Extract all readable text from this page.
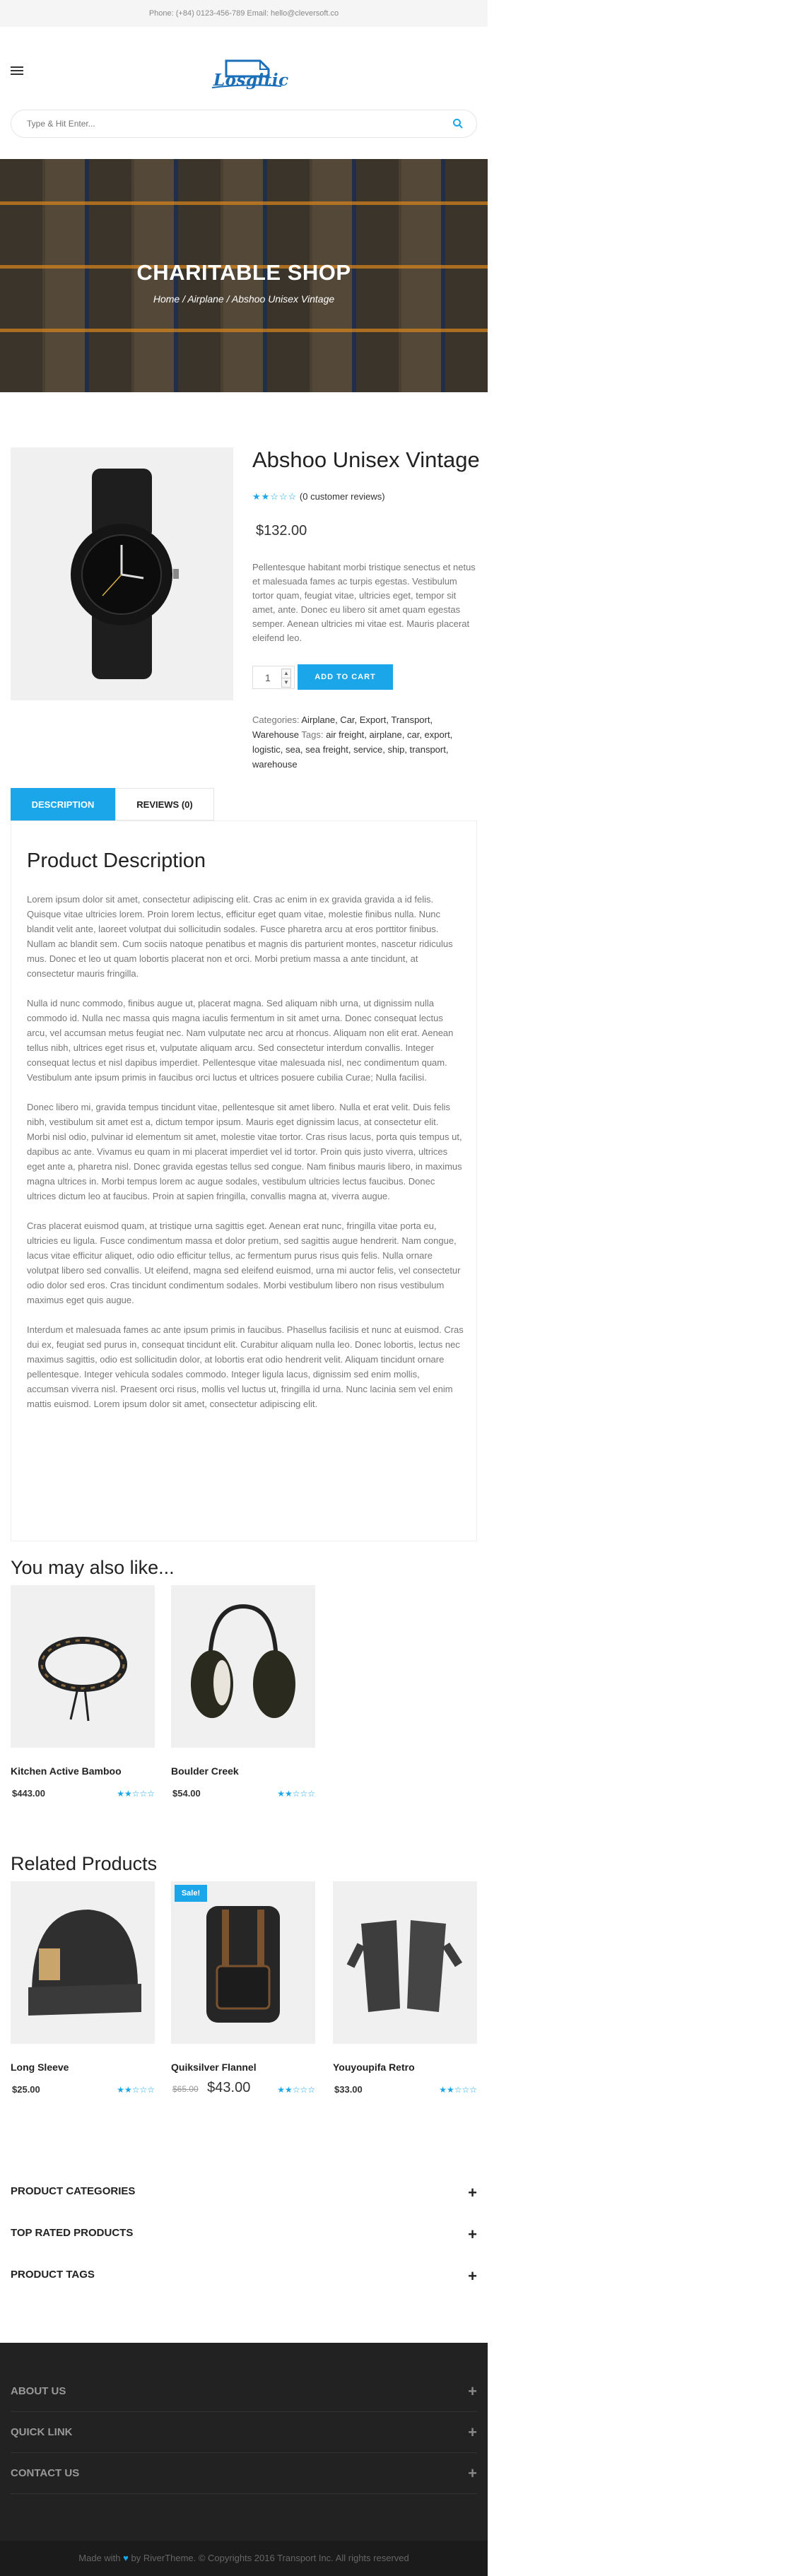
Phone: (+84) 0123-456-789 Email: hello@cleversoft.co
Losgitic
Type & Hit Enter...
CHARITABLE SHOP
Home / Airplane / Abshoo Unisex Vintage
Abshoo Unisex Vintage
★★☆☆☆ (0 customer reviews)
$132.00
Pellentesque habitant morbi tristique senectus et netus et malesuada fames ac turpis egestas. Vestibulum tortor quam, feugiat vitae, ultricies eget, tempor sit amet, ante. Donec eu libero sit amet quam egestas semper. Aenean ultricies mi vitae est. Mauris placerat eleifend leo.
1	▲
▼
ADD TO CART
Categories: Airplane, Car, Export, Transport, Warehouse Tags: air freight, airplane, car, export, logistic, sea, sea freight, service, ship, transport, warehouse
DESCRIPTION	REVIEWS (0)
Product Description

Lorem ipsum dolor sit amet, consectetur adipiscing elit. Cras ac enim in ex gravida gravida a id felis. Quisque vitae ultricies lorem. Proin lorem lectus, efficitur eget quam vitae, molestie finibus nulla. Nunc blandit velit ante, laoreet volutpat dui sollicitudin sodales. Fusce pharetra arcu at eros porttitor finibus. Nullam ac blandit sem. Cum sociis natoque penatibus et magnis dis parturient montes, nascetur ridiculus mus. Donec et leo ut quam lobortis placerat non et orci. Morbi pretium massa a ante tincidunt, at consectetur mauris fringilla.

Nulla id nunc commodo, finibus augue ut, placerat magna. Sed aliquam nibh urna, ut dignissim nulla commodo id. Nulla nec massa quis magna iaculis fermentum in sit amet urna. Donec consequat lectus arcu, vel accumsan metus feugiat nec. Nam vulputate nec arcu at rhoncus. Aliquam non elit erat. Aenean tellus nibh, ultrices eget risus et, vulputate aliquam arcu. Sed consectetur interdum convallis. Integer consequat lectus et nisl dapibus imperdiet. Pellentesque vitae malesuada nisl, nec condimentum quam. Vestibulum ante ipsum primis in faucibus orci luctus et ultrices posuere cubilia Curae; Nulla facilisi.

Donec libero mi, gravida tempus tincidunt vitae, pellentesque sit amet libero. Nulla et erat velit. Duis felis nibh, vestibulum sit amet est a, dictum tempor ipsum. Mauris eget dignissim lacus, at consectetur elit. Morbi nisl odio, pulvinar id elementum sit amet, molestie vitae tortor. Cras risus lacus, porta quis tempus ut, dapibus ac ante. Vivamus eu quam in mi placerat imperdiet vel id tortor. Proin quis justo viverra, ultrices eget ante a, pharetra nisl. Donec gravida egestas tellus sed congue. Nam finibus mauris libero, in maximus magna ultrices in. Morbi tempus lorem ac augue sodales, vestibulum ultricies lectus faucibus. Donec ultrices dictum leo at faucibus. Proin at sapien fringilla, convallis magna at, viverra augue.

Cras placerat euismod quam, at tristique urna sagittis eget. Aenean erat nunc, fringilla vitae porta eu, ultricies eu ligula. Fusce condimentum massa et dolor pretium, sed sagittis augue hendrerit. Nam congue, lacus vitae efficitur aliquet, odio odio efficitur tellus, ac fermentum purus risus quis felis. Nulla ornare volutpat libero sed convallis. Ut eleifend, magna sed eleifend euismod, urna mi auctor felis, vel consectetur odio dolor sed eros. Cras tincidunt condimentum sodales. Morbi vestibulum libero non risus vestibulum maximus eget quis augue.

Interdum et malesuada fames ac ante ipsum primis in faucibus. Phasellus facilisis et nunc at euismod. Cras dui ex, feugiat sed purus in, consequat tincidunt elit. Curabitur aliquam nulla leo. Donec lobortis, lectus nec maximus sagittis, odio est sollicitudin dolor, at lobortis erat odio hendrerit velit. Aliquam tincidunt ornare pellentesque. Integer vehicula sodales commodo. Integer ligula lacus, dignissim sed enim mollis, accumsan viverra nisl. Praesent orci risus, mollis vel luctus ut, fringilla id urna. Nunc lacinia sem vel enim mattis euismod. Lorem ipsum dolor sit amet, consectetur adipiscing elit.

You may also like...
Kitchen Active Bamboo
$443.00	★★☆☆☆
Boulder Creek
$54.00	★★☆☆☆
Related Products
Long Sleeve
$25.00	★★☆☆☆
Sale!
Quiksilver Flannel
$65.00 $43.00	★★☆☆☆
Youyoupifa Retro
$33.00	★★☆☆☆
PRODUCT CATEGORIES	+
TOP RATED PRODUCTS	+
PRODUCT TAGS	+
ABOUT US	+
QUICK LINK	+
CONTACT US	+
Made with ♥ by RiverTheme. © Copyrights 2016 Transport Inc. All rights reserved
